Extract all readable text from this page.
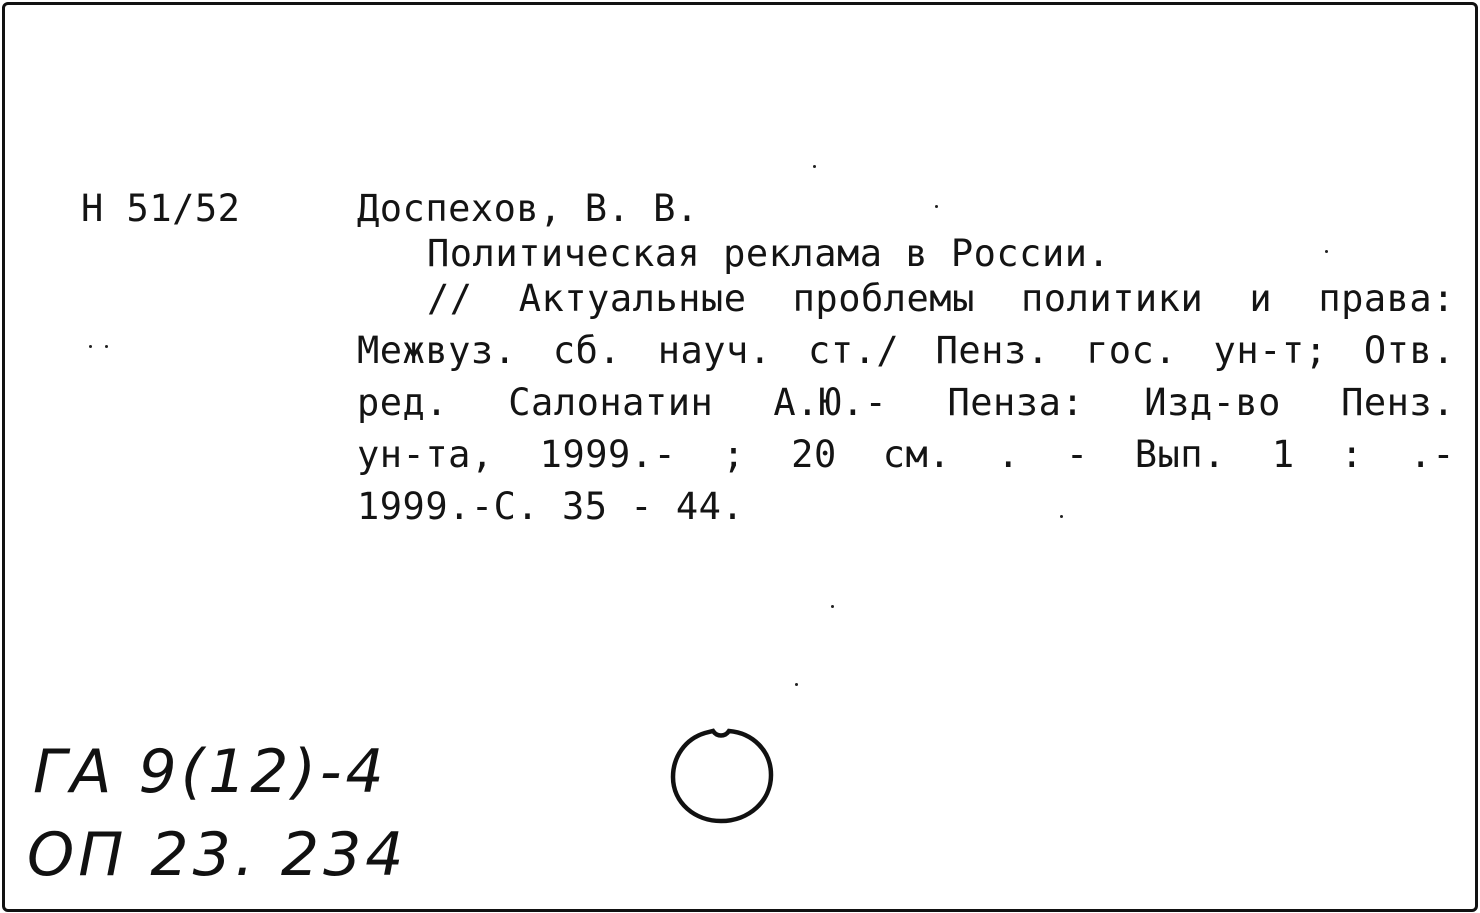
Н 51/52	Доспехов, В. В.
Политическая реклама в России.
// Актуальные проблемы политики и права:
Межвуз. сб. науч. ст./ Пенз. гос. ун-т; Отв.
ред. Салонатин А.Ю.- Пенза: Изд-во Пенз.
ун-та, 1999.- ; 20 см. . - Вып. 1 : .-
1999.-С. 35 - 44.
ГА 9(12)-4
ОП 23. 234
